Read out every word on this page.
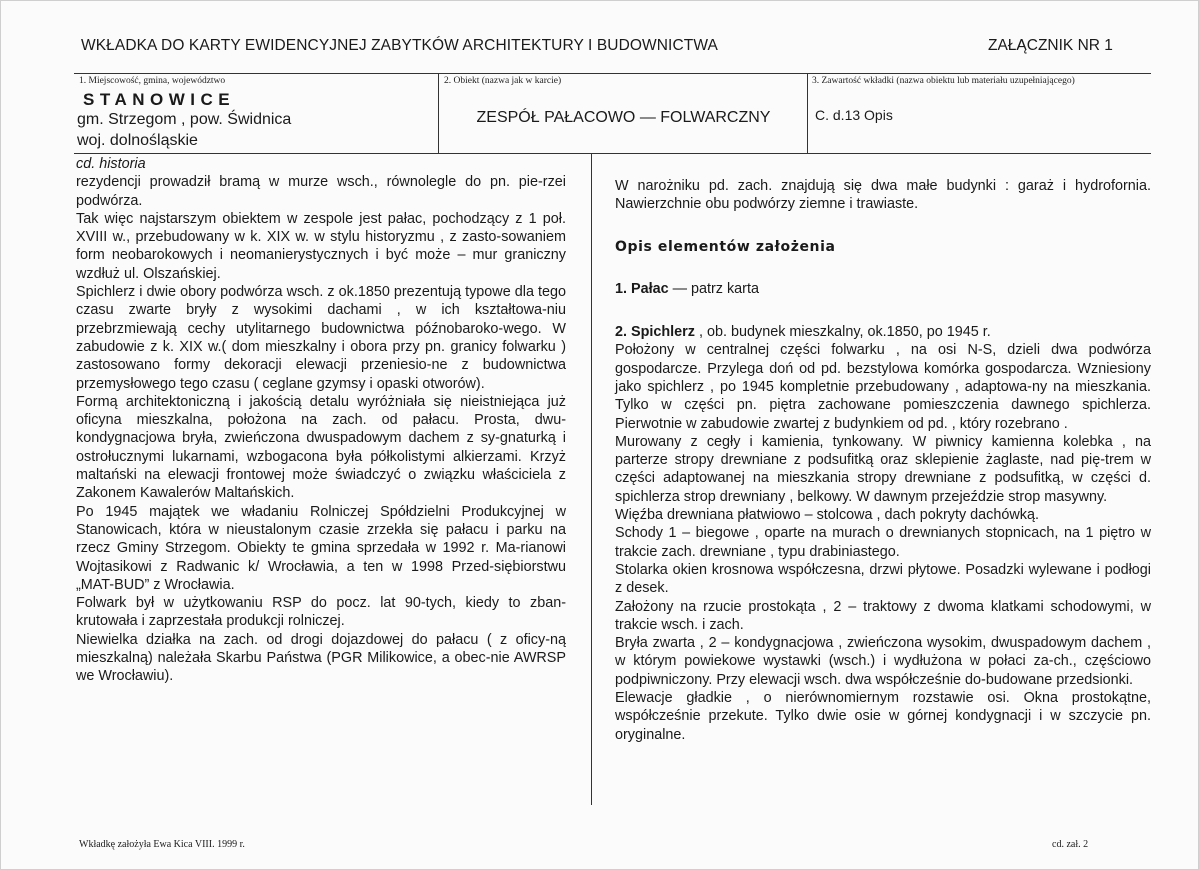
WKŁADKA DO KARTY EWIDENCYJNEJ ZABYTKÓW ARCHITEKTURY I BUDOWNICTWA	ZAŁĄCZNIK NR 1
1. Miejscowość, gmina, województwo
STANOWICE
gm. Strzegom , pow. Świdnica
woj. dolnośląskie
2. Obiekt (nazwa jak w karcie)
ZESPÓŁ PAŁACOWO — FOLWARCZNY
3. Zawartość wkładki (nazwa obiektu lub materiału uzupełniającego)
C. d.13 Opis

cd. historia

rezydencji prowadził bramą w murze wsch., równolegle do pn. pie-rzei podwórza.

Tak więc najstarszym obiektem w zespole jest pałac, pochodzący z 1 poł. XVIII w., przebudowany w k. XIX w. w stylu historyzmu , z zasto-sowaniem form neobarokowych i neomanierystycznych i być może – mur graniczny wzdłuż ul. Olszańskiej.

Spichlerz i dwie obory podwórza wsch. z ok.1850 prezentują typowe dla tego czasu zwarte bryły z wysokimi dachami , w ich kształtowa-niu przebrzmiewają cechy utylitarnego budownictwa późnobaroko-wego. W zabudowie z k. XIX w.( dom mieszkalny i obora przy pn. granicy folwarku ) zastosowano formy dekoracji elewacji przeniesio-ne z budownictwa przemysłowego tego czasu ( ceglane gzymsy i opaski otworów).

Formą architektoniczną i jakością detalu wyróżniała się nieistniejąca już oficyna mieszkalna, położona na zach. od pałacu. Prosta, dwu-kondygnacjowa bryła, zwieńczona dwuspadowym dachem z sy-gnaturką i ostrołucznymi lukarnami, wzbogacona była półkolistymi alkierzami. Krzyż maltański na elewacji frontowej może świadczyć o związku właściciela z Zakonem Kawalerów Maltańskich.

Po 1945 majątek we władaniu Rolniczej Spółdzielni Produkcyjnej w Stanowicach, która w nieustalonym czasie zrzekła się pałacu i parku na rzecz Gminy Strzegom. Obiekty te gmina sprzedała w 1992 r. Ma-rianowi Wojtasikowi z Radwanic k/ Wrocławia, a ten w 1998 Przed-siębiorstwu „MAT-BUD” z Wrocławia.

Folwark był w użytkowaniu RSP do pocz. lat 90-tych, kiedy to zban-krutowała i zaprzestała produkcji rolniczej.

Niewielka działka na zach. od drogi dojazdowej do pałacu ( z oficy-ną mieszkalną) należała Skarbu Państwa (PGR Milikowice, a obec-nie AWRSP we Wrocławiu).

W narożniku pd. zach. znajdują się dwa małe budynki : garaż i hydrofornia. Nawierzchnie obu podwórzy ziemne i trawiaste.

Opis elementów założenia

1. Pałac — patrz karta

2. Spichlerz , ob. budynek mieszkalny, ok.1850, po 1945 r.

Położony w centralnej części folwarku , na osi N-S, dzieli dwa podwórza gospodarcze. Przylega doń od pd. bezstylowa komórka gospodarcza. Wzniesiony jako spichlerz , po 1945 kompletnie przebudowany , adaptowa-ny na mieszkania. Tylko w części pn. piętra zachowane pomieszczenia dawnego spichlerza. Pierwotnie w zabudowie zwartej z budynkiem od pd. , który rozebrano .

Murowany z cegły i kamienia, tynkowany. W piwnicy kamienna kolebka , na parterze stropy drewniane z podsufitką oraz sklepienie żaglaste, nad pię-trem w części adaptowanej na mieszkania stropy drewniane z podsufitką, w części d. spichlerza strop drewniany , belkowy. W dawnym przejeździe strop masywny.

Więźba drewniana płatwiowo – stolcowa , dach pokryty dachówką.

Schody 1 – biegowe , oparte na murach o drewnianych stopnicach, na 1 piętro w trakcie zach. drewniane , typu drabiniastego.

Stolarka okien krosnowa współczesna, drzwi płytowe. Posadzki wylewane i podłogi z desek.

Założony na rzucie prostokąta , 2 – traktowy z dwoma klatkami schodowymi, w trakcie wsch. i zach.

Bryła zwarta , 2 – kondygnacjowa , zwieńczona wysokim, dwuspadowym dachem , w którym powiekowe wystawki (wsch.) i wydłużona w połaci za-ch., częściowo podpiwniczony. Przy elewacji wsch. dwa współcześnie do-budowane przedsionki.

Elewacje gładkie , o nierównomiernym rozstawie osi. Okna prostokątne, współcześnie przekute. Tylko dwie osie w górnej kondygnacji i w szczycie pn. oryginalne.

Wkładkę założyła Ewa Kica VIII. 1999 r.	cd. zał. 2
